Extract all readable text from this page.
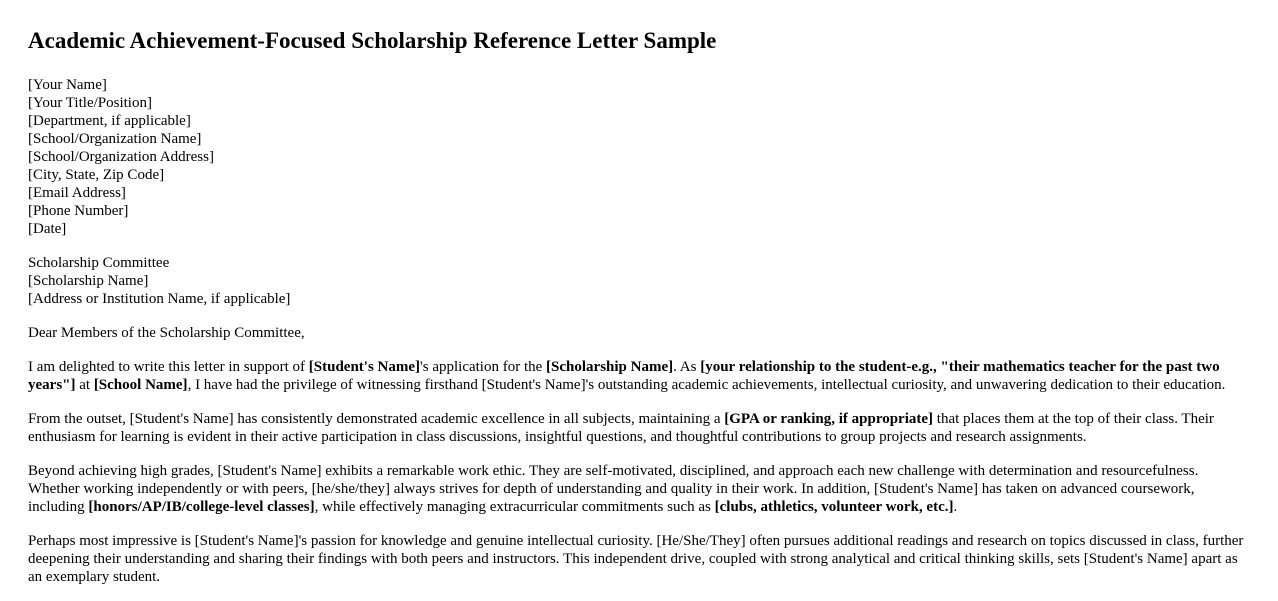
Academic Achievement-Focused Scholarship Reference Letter Sample
[Your Name]
[Your Title/Position]
[Department, if applicable]
[School/Organization Name]
[School/Organization Address]
[City, State, Zip Code]
[Email Address]
[Phone Number]
[Date]
Scholarship Committee
[Scholarship Name]
[Address or Institution Name, if applicable]

Dear Members of the Scholarship Committee,

I am delighted to write this letter in support of [Student's Name]'s application for the [Scholarship Name]. As [your relationship to the student-e.g., "their mathematics teacher for the past two years"] at [School Name], I have had the privilege of witnessing firsthand [Student's Name]'s outstanding academic achievements, intellectual curiosity, and unwavering dedication to their education.

From the outset, [Student's Name] has consistently demonstrated academic excellence in all subjects, maintaining a [GPA or ranking, if appropriate] that places them at the top of their class. Their enthusiasm for learning is evident in their active participation in class discussions, insightful questions, and thoughtful contributions to group projects and research assignments.

Beyond achieving high grades, [Student's Name] exhibits a remarkable work ethic. They are self-motivated, disciplined, and approach each new challenge with determination and resourcefulness. Whether working independently or with peers, [he/she/they] always strives for depth of understanding and quality in their work. In addition, [Student's Name] has taken on advanced coursework, including [honors/AP/IB/college-level classes], while effectively managing extracurricular commitments such as [clubs, athletics, volunteer work, etc.].

Perhaps most impressive is [Student's Name]'s passion for knowledge and genuine intellectual curiosity. [He/She/They] often pursues additional readings and research on topics discussed in class, further deepening their understanding and sharing their findings with both peers and instructors. This independent drive, coupled with strong analytical and critical thinking skills, sets [Student's Name] apart as an exemplary student.
